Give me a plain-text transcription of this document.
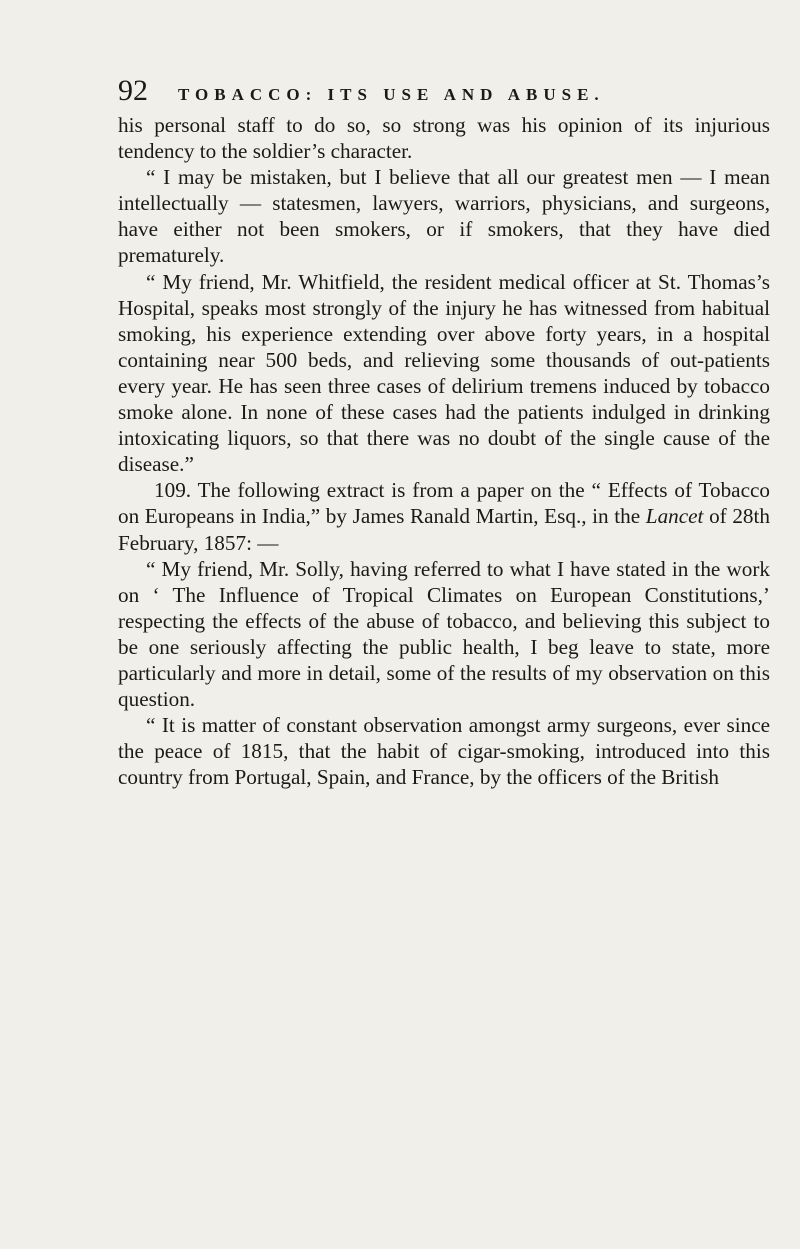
92 TOBACCO: ITS USE AND ABUSE.

his personal staff to do so, so strong was his opinion of its injurious tendency to the soldier’s character.

“ I may be mistaken, but I believe that all our greatest men — I mean intellectually — statesmen, lawyers, warriors, physicians, and surgeons, have either not been smokers, or if smokers, that they have died prematurely.

“ My friend, Mr. Whitfield, the resident medical officer at St. Thomas’s Hospital, speaks most strongly of the injury he has witnessed from habitual smoking, his experience extending over above forty years, in a hospital containing near 500 beds, and relieving some thousands of out-patients every year. He has seen three cases of delirium tremens induced by tobacco smoke alone. In none of these cases had the patients indulged in drinking intoxicating liquors, so that there was no doubt of the single cause of the disease.”

109. The following extract is from a paper on the “ Effects of Tobacco on Europeans in India,” by James Ranald Martin, Esq., in the Lancet of 28th February, 1857: —

“ My friend, Mr. Solly, having referred to what I have stated in the work on ‘ The Influence of Tropical Climates on European Constitutions,’ respecting the effects of the abuse of tobacco, and believing this subject to be one seriously affecting the public health, I beg leave to state, more particularly and more in detail, some of the results of my observation on this question.

“ It is matter of constant observation amongst army surgeons, ever since the peace of 1815, that the habit of cigar-smoking, introduced into this country from Portugal, Spain, and France, by the officers of the British
